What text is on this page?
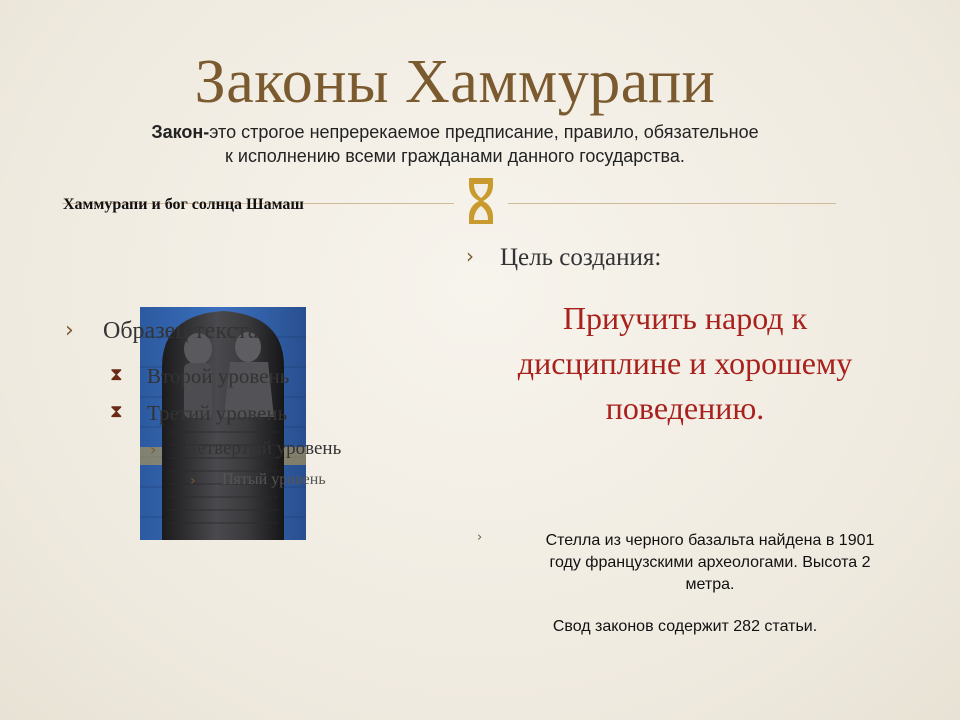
Законы Хаммурапи
Закон-это строгое непререкаемое предписание, правило, обязательное
к исполнению всеми гражданами данного государства.
Хаммурапи и бог солнца Шамаш
› Образец текста
⧗ Второй уровень
⧗ Третий уровень
› Четвертый уровень
› Пятый уровень
› Цель создания:
Приучить народ к
дисциплине и хорошему
поведению.
›	Стелла из черного базальта найдена в 1901
году французскими археологами. Высота 2
метра.
Свод законов содержит 282 статьи.
